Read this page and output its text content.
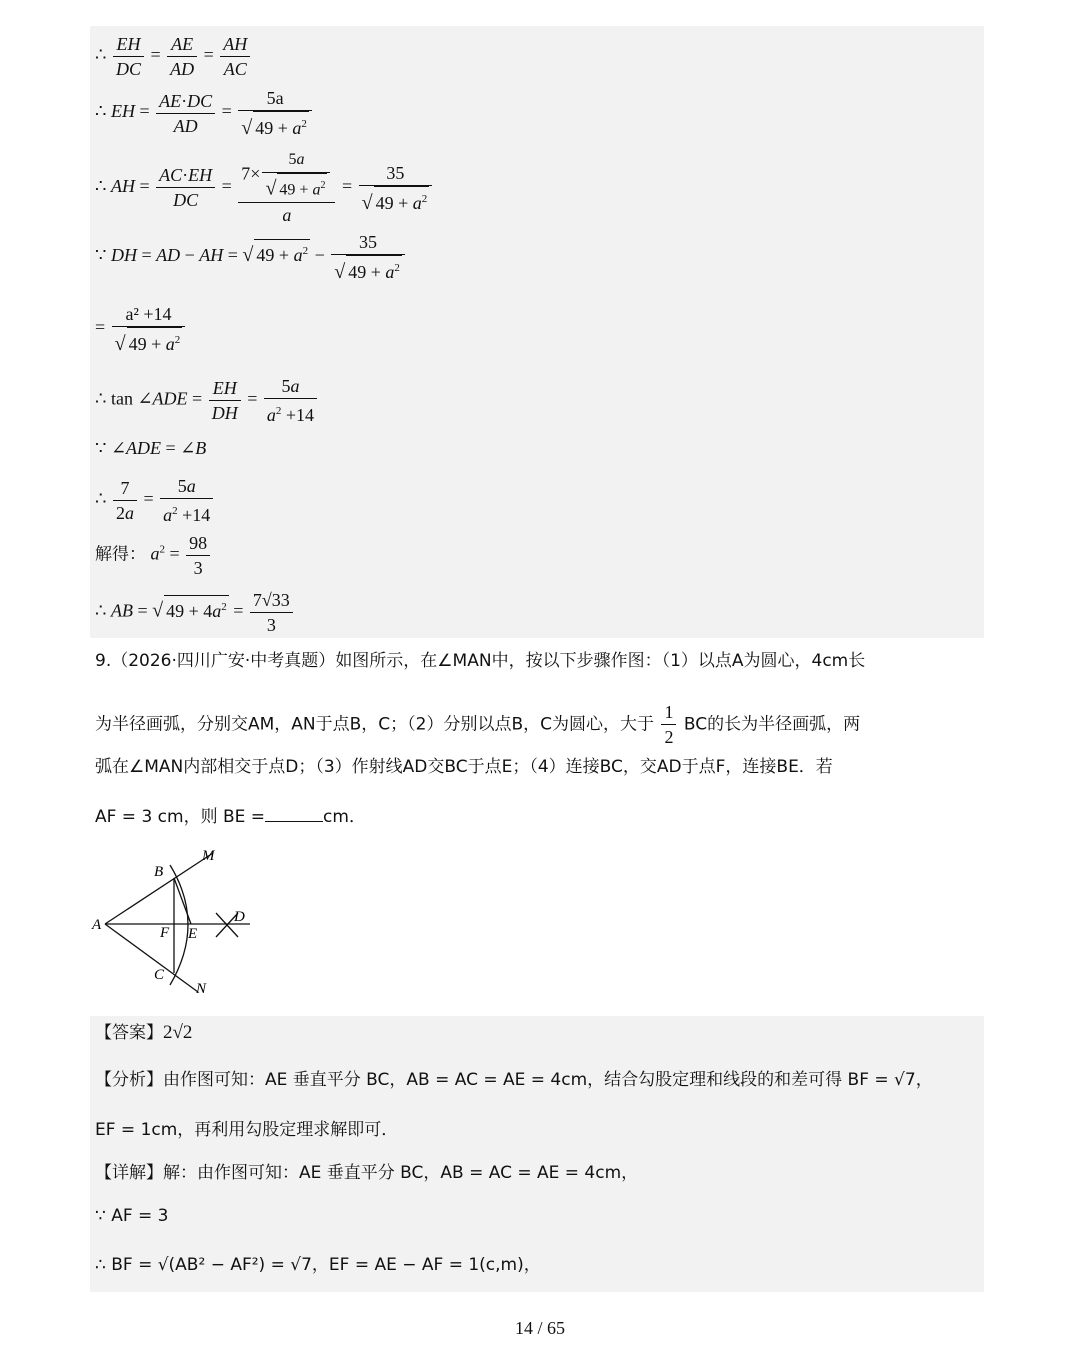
∴ $\frac{EH}{DC} = \frac{AE}{AD} = \frac{AH}{AC}$
∴ EH = $\frac{AE\cdot DC}{AD} = \frac{5a}{√ 49 + a^2}$
∴ AH = $\frac{AC\cdot EH}{DC} = \frac{7\times \frac{5a}{√ 49 + a^2}}{a} = \frac{35}{√ 49 + a^2}$
∵ DH = AD − AH = √ $49 + a^2 - \frac{35}{√ 49 + a^2}$
= $\frac{\text{a² +14}}{√ 49 + a^2}$
∴ tan ∠ADE = $\frac{EH}{DH} = \frac{5a}{a^2 +14}$
∵ ∠ADE = ∠B
∴ $\frac{7}{2a} = \frac{5a}{a^2 +14}$
解得： $a^2 = \frac{98}{3}$
∴ AB = √ $49 + 4a^2 = \frac{7√33}{3}$
9.（2026·四川广安·中考真题）如图所示，在∠MAN中，按以下步骤作图：（1）以点A为圆心，4cm长
为半径画弧，分别交AM，AN于点B，C；（2）分别以点B，C为圆心，大于 $\frac{1}{2}$ BC的长为半径画弧，两
弧在∠MAN内部相交于点D；（3）作射线AD交BC于点E；（4）连接BC，交AD于点F，连接BE．若
AF = 3 cm，则 BE =	cm．
A
B
C
D
E
F
M
N
【答案】2√2
【分析】由作图可知：AE 垂直平分 BC，AB = AC = AE = 4cm，结合勾股定理和线段的和差可得 BF = √7，
EF = 1cm，再利用勾股定理求解即可．
【详解】解：由作图可知：AE 垂直平分 BC，AB = AC = AE = 4cm，
∵ AF = 3
∴ BF = √(AB² − AF²) = √7，EF = AE − AF = 1(c,m)，
14 / 65
